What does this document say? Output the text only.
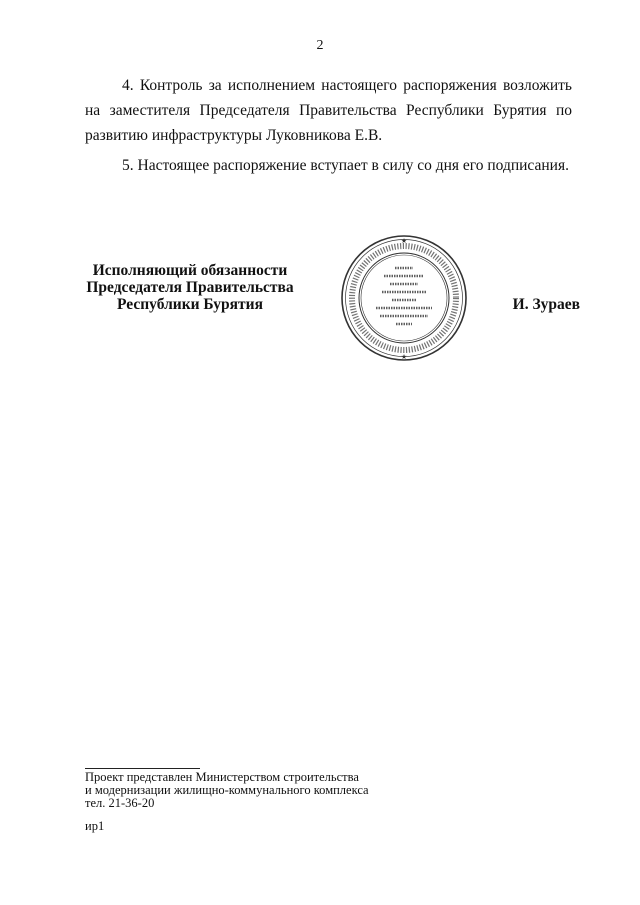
2

4. Контроль за исполнением настоящего распоряжения возложить на заместителя Председателя Правительства Республики Бурятия по развитию инфраструктуры Луковникова Е.В.

5. Настоящее распоряжение вступает в силу со дня его подписания.

Исполняющий обязанности
Председателя Правительства
Республики Бурятия
★
★
И. Зураев
Проект представлен Министерством строительства
и модернизации жилищно-коммунального комплекса
тел. 21-36-20
ир1
